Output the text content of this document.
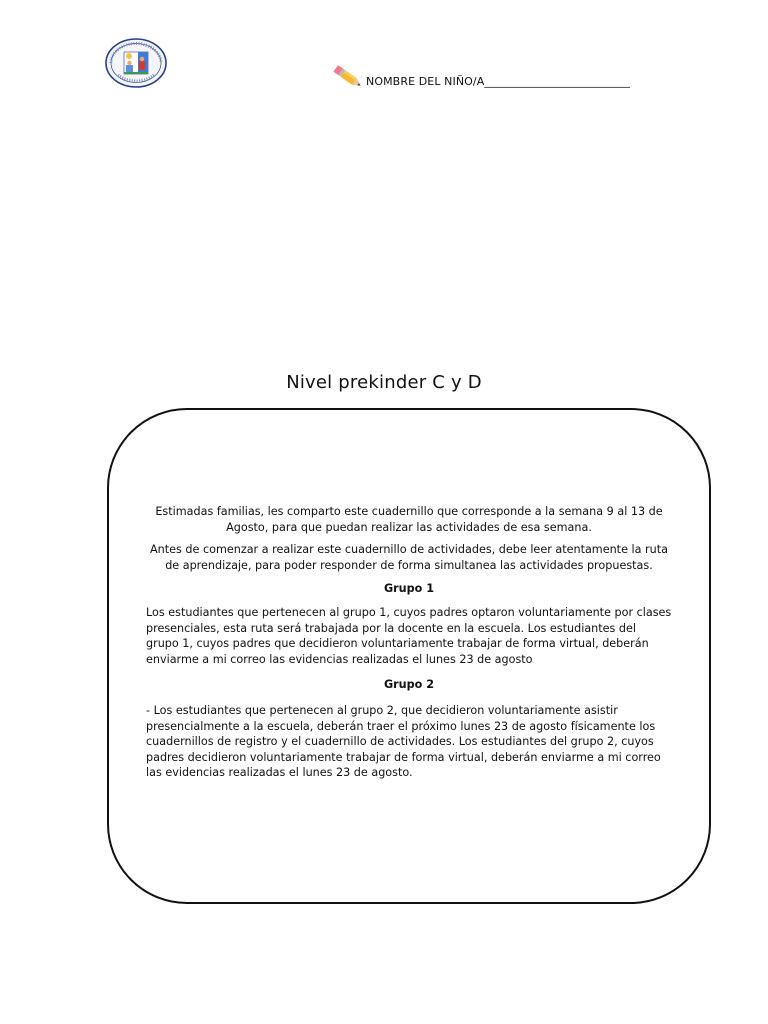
NOMBRE DEL NIÑO/A__________________________
Nivel prekinder C y D

Estimadas familias, les comparto este cuadernillo que corresponde a la semana 9 al 13 de Agosto, para que puedan realizar las actividades de esa semana.

Antes de comenzar a realizar este cuadernillo de actividades, debe leer atentamente la ruta de aprendizaje, para poder responder de forma simultanea las actividades propuestas.

Grupo 1

Los estudiantes que pertenecen al grupo 1, cuyos padres optaron voluntariamente por clases presenciales, esta ruta será trabajada por la docente en la escuela. Los estudiantes del grupo 1, cuyos padres que decidieron voluntariamente trabajar de forma virtual, deberán enviarme a mi correo las evidencias realizadas el lunes 23 de agosto

Grupo 2

- Los estudiantes que pertenecen al grupo 2, que decidieron voluntariamente asistir presencialmente a la escuela, deberán traer el próximo lunes 23 de agosto físicamente los cuadernillos de registro y el cuadernillo de actividades. Los estudiantes del grupo 2, cuyos padres decidieron voluntariamente trabajar de forma virtual, deberán enviarme a mi correo las evidencias realizadas el lunes 23 de agosto.
